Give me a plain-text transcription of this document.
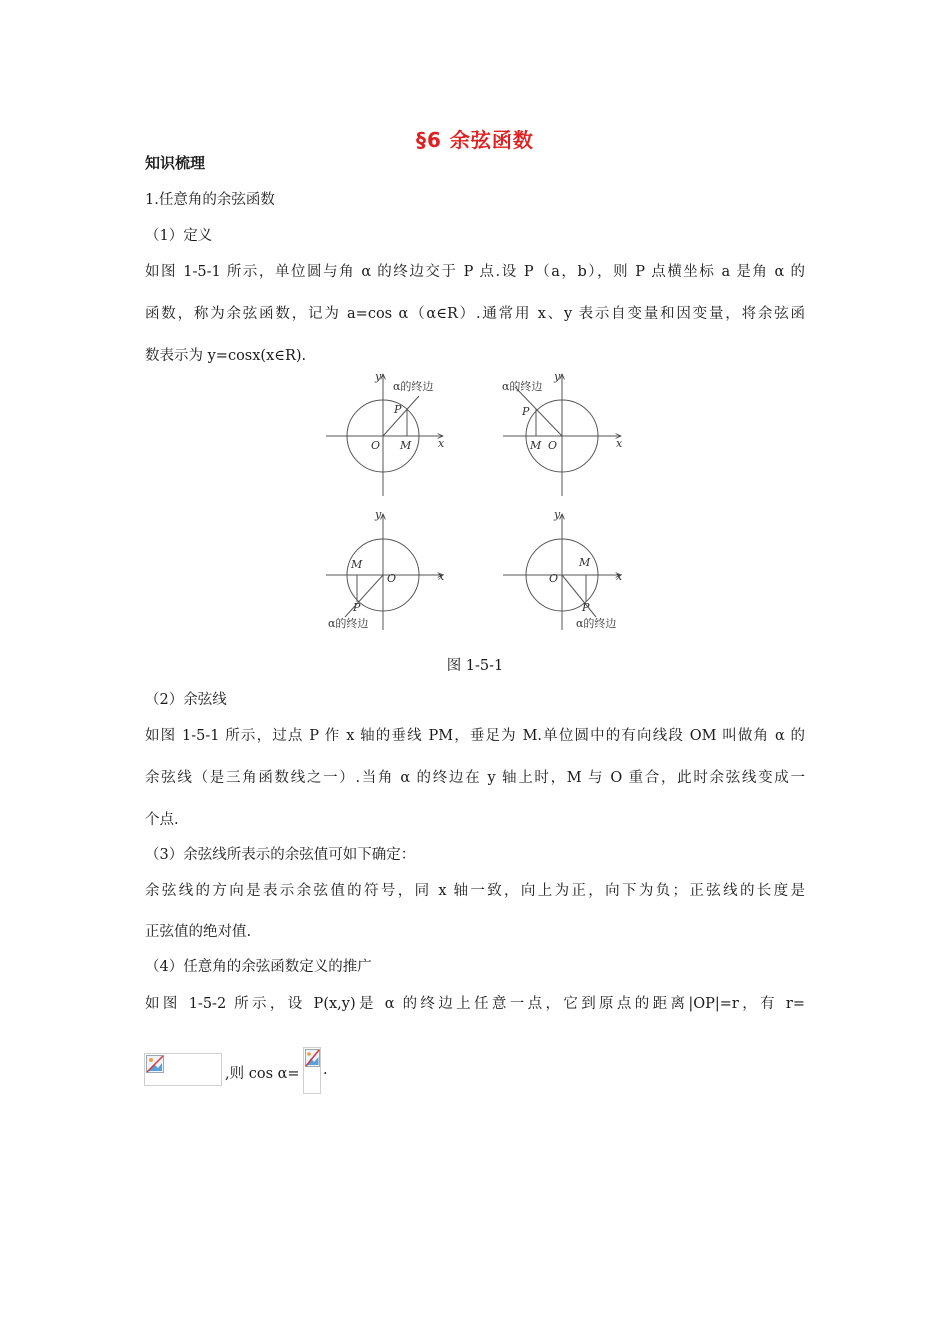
§6 余弦函数
知识梳理
1.任意角的余弦函数
（1）定义
如图 1-5-1 所示，单位圆与角 α 的终边交于 P 点.设 P（a，b），则 P 点横坐标 a 是角 α 的
函数，称为余弦函数，记为 a=cos α（α∈R）.通常用 x、y 表示自变量和因变量，将余弦函
数表示为 y=cosx(x∈R).
y
x
O M
P
α的终边
y
x
O
M
P
α的终边
y
x
O
M
P
α的终边
y
x
O
M
P
α的终边
图 1-5-1
（2）余弦线
如图 1-5-1 所示，过点 P 作 x 轴的垂线 PM，垂足为 M.单位圆中的有向线段 OM 叫做角 α 的
余弦线（是三角函数线之一）.当角 α 的终边在 y 轴上时，M 与 O 重合，此时余弦线变成一
个点.
（3）余弦线所表示的余弦值可如下确定：
余弦线的方向是表示余弦值的符号，同 x 轴一致，向上为正，向下为负；正弦线的长度是
正弦值的绝对值.
（4）任意角的余弦函数定义的推广
如图 1-5-2 所示，设 P(x,y)是 α 的终边上任意一点，它到原点的距离|OP|=r，有 r=
,则 cos α= .
